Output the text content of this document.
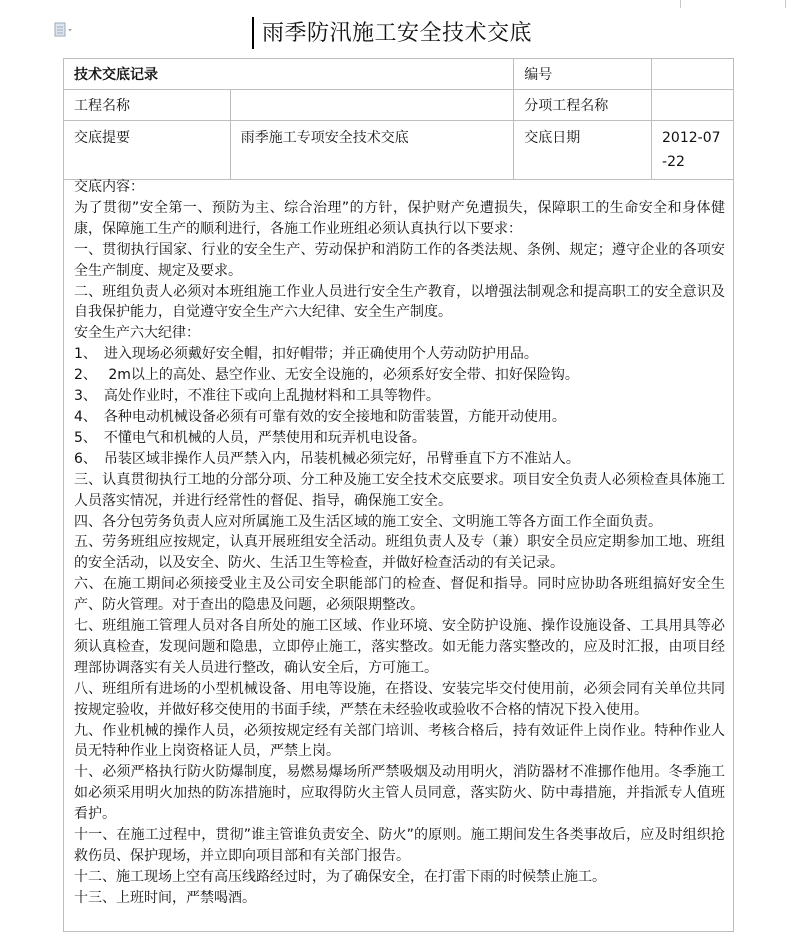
雨季防汛施工安全技术交底
技术交底记录		编号	
工程名称		分项工程名称	
交底提要	雨季施工专项安全技术交底	交底日期	2012-07
-22

交底内容：

为了贯彻”安全第一、预防为主、综合治理”的方针，保护财产免遭损失，保障职工的生命安全和身体健康，保障施工生产的顺利进行，各施工作业班组必须认真执行以下要求：

一、贯彻执行国家、行业的安全生产、劳动保护和消防工作的各类法规、条例、规定；遵守企业的各项安全生产制度、规定及要求。

二、班组负责人必须对本班组施工作业人员进行安全生产教育，以增强法制观念和提高职工的安全意识及自我保护能力，自觉遵守安全生产六大纪律、安全生产制度。

安全生产六大纪律：

1、　进入现场必须戴好安全帽，扣好帽带；并正确使用个人劳动防护用品。

2、　 2m以上的高处、悬空作业、无安全设施的，必须系好安全带、扣好保险钩。

3、　高处作业时，不准往下或向上乱抛材料和工具等物件。

4、　各种电动机械设备必须有可靠有效的安全接地和防雷装置，方能开动使用。

5、　不懂电气和机械的人员，严禁使用和玩弄机电设备。

6、　吊装区域非操作人员严禁入内，吊装机械必须完好，吊臂垂直下方不准站人。

三、认真贯彻执行工地的分部分项、分工种及施工安全技术交底要求。项目安全负责人必须检查具体施工人员落实情况，并进行经常性的督促、指导，确保施工安全。

四、各分包劳务负责人应对所属施工及生活区域的施工安全、文明施工等各方面工作全面负责。

五、劳务班组应按规定，认真开展班组安全活动。班组负责人及专（兼）职安全员应定期参加工地、班组的安全活动，以及安全、防火、生活卫生等检查，并做好检查活动的有关记录。

六、在施工期间必须接受业主及公司安全职能部门的检查、督促和指导。同时应协助各班组搞好安全生产、防火管理。对于查出的隐患及问题，必须限期整改。

七、班组施工管理人员对各自所处的施工区域、作业环境、安全防护设施、操作设施设备、工具用具等必须认真检查，发现问题和隐患，立即停止施工，落实整改。如无能力落实整改的，应及时汇报，由项目经理部协调落实有关人员进行整改，确认安全后，方可施工。

八、班组所有进场的小型机械设备、用电等设施，在搭设、安装完毕交付使用前，必须会同有关单位共同按规定验收，并做好移交使用的书面手续，严禁在未经验收或验收不合格的情况下投入使用。

九、作业机械的操作人员，必须按规定经有关部门培训、考核合格后，持有效证件上岗作业。特种作业人员无特种作业上岗资格证人员，严禁上岗。

十、必须严格执行防火防爆制度，易燃易爆场所严禁吸烟及动用明火，消防器材不准挪作他用。冬季施工如必须采用明火加热的防冻措施时，应取得防火主管人员同意，落实防火、防中毒措施，并指派专人值班看护。

十一、在施工过程中，贯彻”谁主管谁负责安全、防火”的原则。施工期间发生各类事故后，应及时组织抢救伤员、保护现场，并立即向项目部和有关部门报告。

十二、施工现场上空有高压线路经过时，为了确保安全，在打雷下雨的时候禁止施工。

十三、上班时间，严禁喝酒。
